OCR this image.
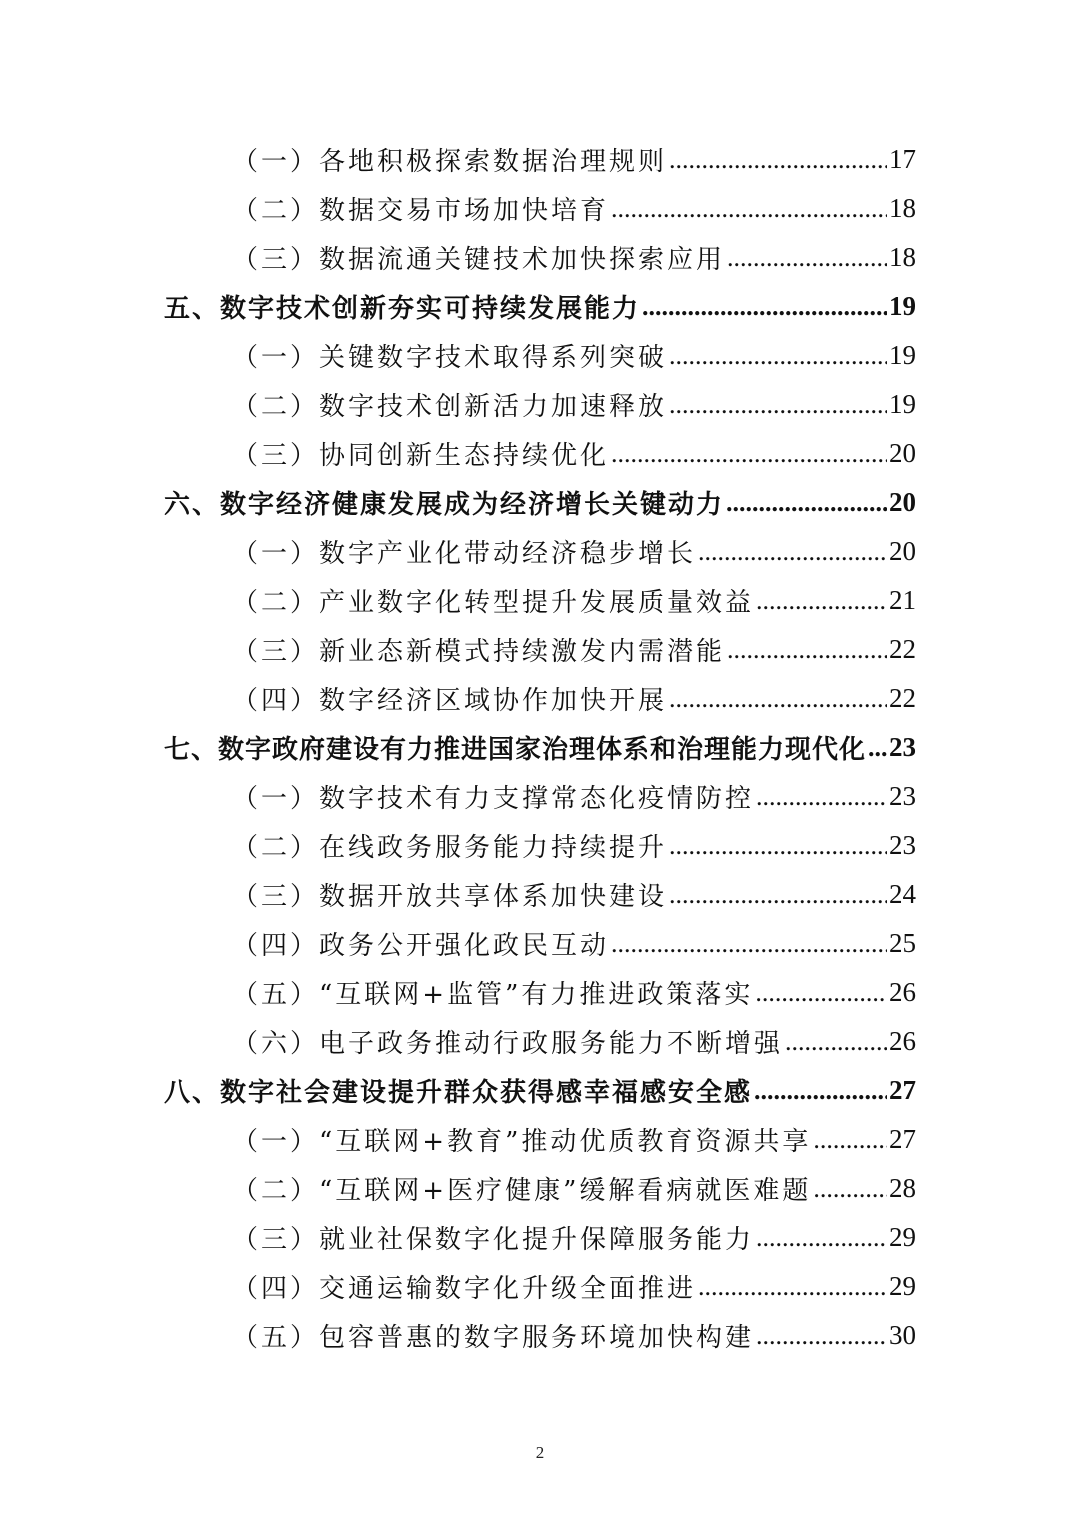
（一）各地积极探索数据治理规则 .....	17
（二）数据交易市场加快培育 .....	18
（三）数据流通关键技术加快探索应用 .....	18
五、数字技术创新夯实可持续发展能力 .....	19
（一）关键数字技术取得系列突破 .....	19
（二）数字技术创新活力加速释放 .....	19
（三）协同创新生态持续优化 .....	20
六、数字经济健康发展成为经济增长关键动力 .....	20
（一）数字产业化带动经济稳步增长 .....	20
（二）产业数字化转型提升发展质量效益 .....	21
（三）新业态新模式持续激发内需潜能 .....	22
（四）数字经济区域协作加快开展 .....	22
七、数字政府建设有力推进国家治理体系和治理能力现代化 ..... 23
（一）数字技术有力支撑常态化疫情防控 .....	23
（二）在线政务服务能力持续提升 .....	23
（三）数据开放共享体系加快建设 .....	24
（四）政务公开强化政民互动 .....	25
（五）“互联网+监管”有力推进政策落实 .....	26
（六）电子政务推动行政服务能力不断增强 .....	26
八、数字社会建设提升群众获得感幸福感安全感 .....	27
（一）“互联网+教育”推动优质教育资源共享 .....	27
（二）“互联网+医疗健康”缓解看病就医难题 .....	28
（三）就业社保数字化提升保障服务能力 .....	29
（四）交通运输数字化升级全面推进 .....	29
（五）包容普惠的数字服务环境加快构建 .....	30
2
